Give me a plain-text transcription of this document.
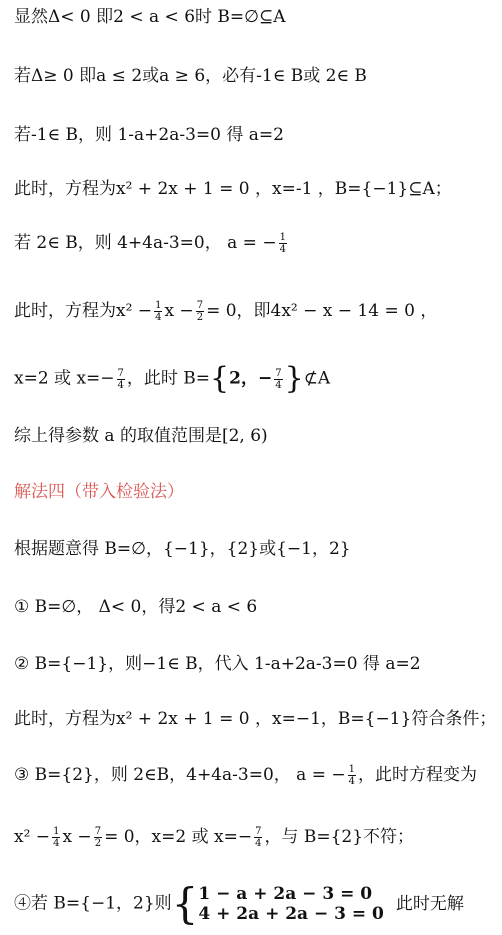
显然Δ< 0 即2 < a < 6时 B=∅⊆A
若Δ≥ 0 即a ≤ 2或a ≥ 6，必有-1∈ B或 2∈ B
若-1∈ B，则 1-a+2a-3=0 得 a=2
此时，方程为x² + 2x + 1 = 0 ，x=-1 ，B={−1}⊆A；
若 2∈ B，则 4+4a-3=0， a = − $\frac{1}{4}$
此时，方程为$x^2 - \frac{1}{4}$ $x - \frac{7}{2} = 0$，即4x² − x − 14 = 0 ，
x=2 或 $x=- \frac{7}{4}$ ，此时 B={2，− $\frac{7}{4}$ }⊄A
综上得参数 a 的取值范围是[2, 6)
解法四（带入检验法）
根据题意得 B=∅，{−1}，{2}或{−1，2}
① B=∅， Δ< 0，得2 < a < 6
② B={−1}，则−1∈ B，代入 1-a+2a-3=0 得 a=2
此时，方程为x² + 2x + 1 = 0 ，x=−1，B={−1}符合条件；
③ B={2}，则 2∈B，4+4a-3=0， a = − $\frac{1}{4}$ ，此时方程变为
$x^2 - \frac{1}{4}$ $x - \frac{7}{2} = 0$，x=2 或 $x=- \frac{7}{4}$ ，与 B={2}不符；
④若 B={−1，2}则{ 1 − a + 2a − 3 = 0
4 + 2a + 2a − 3 = 0
此时无解
